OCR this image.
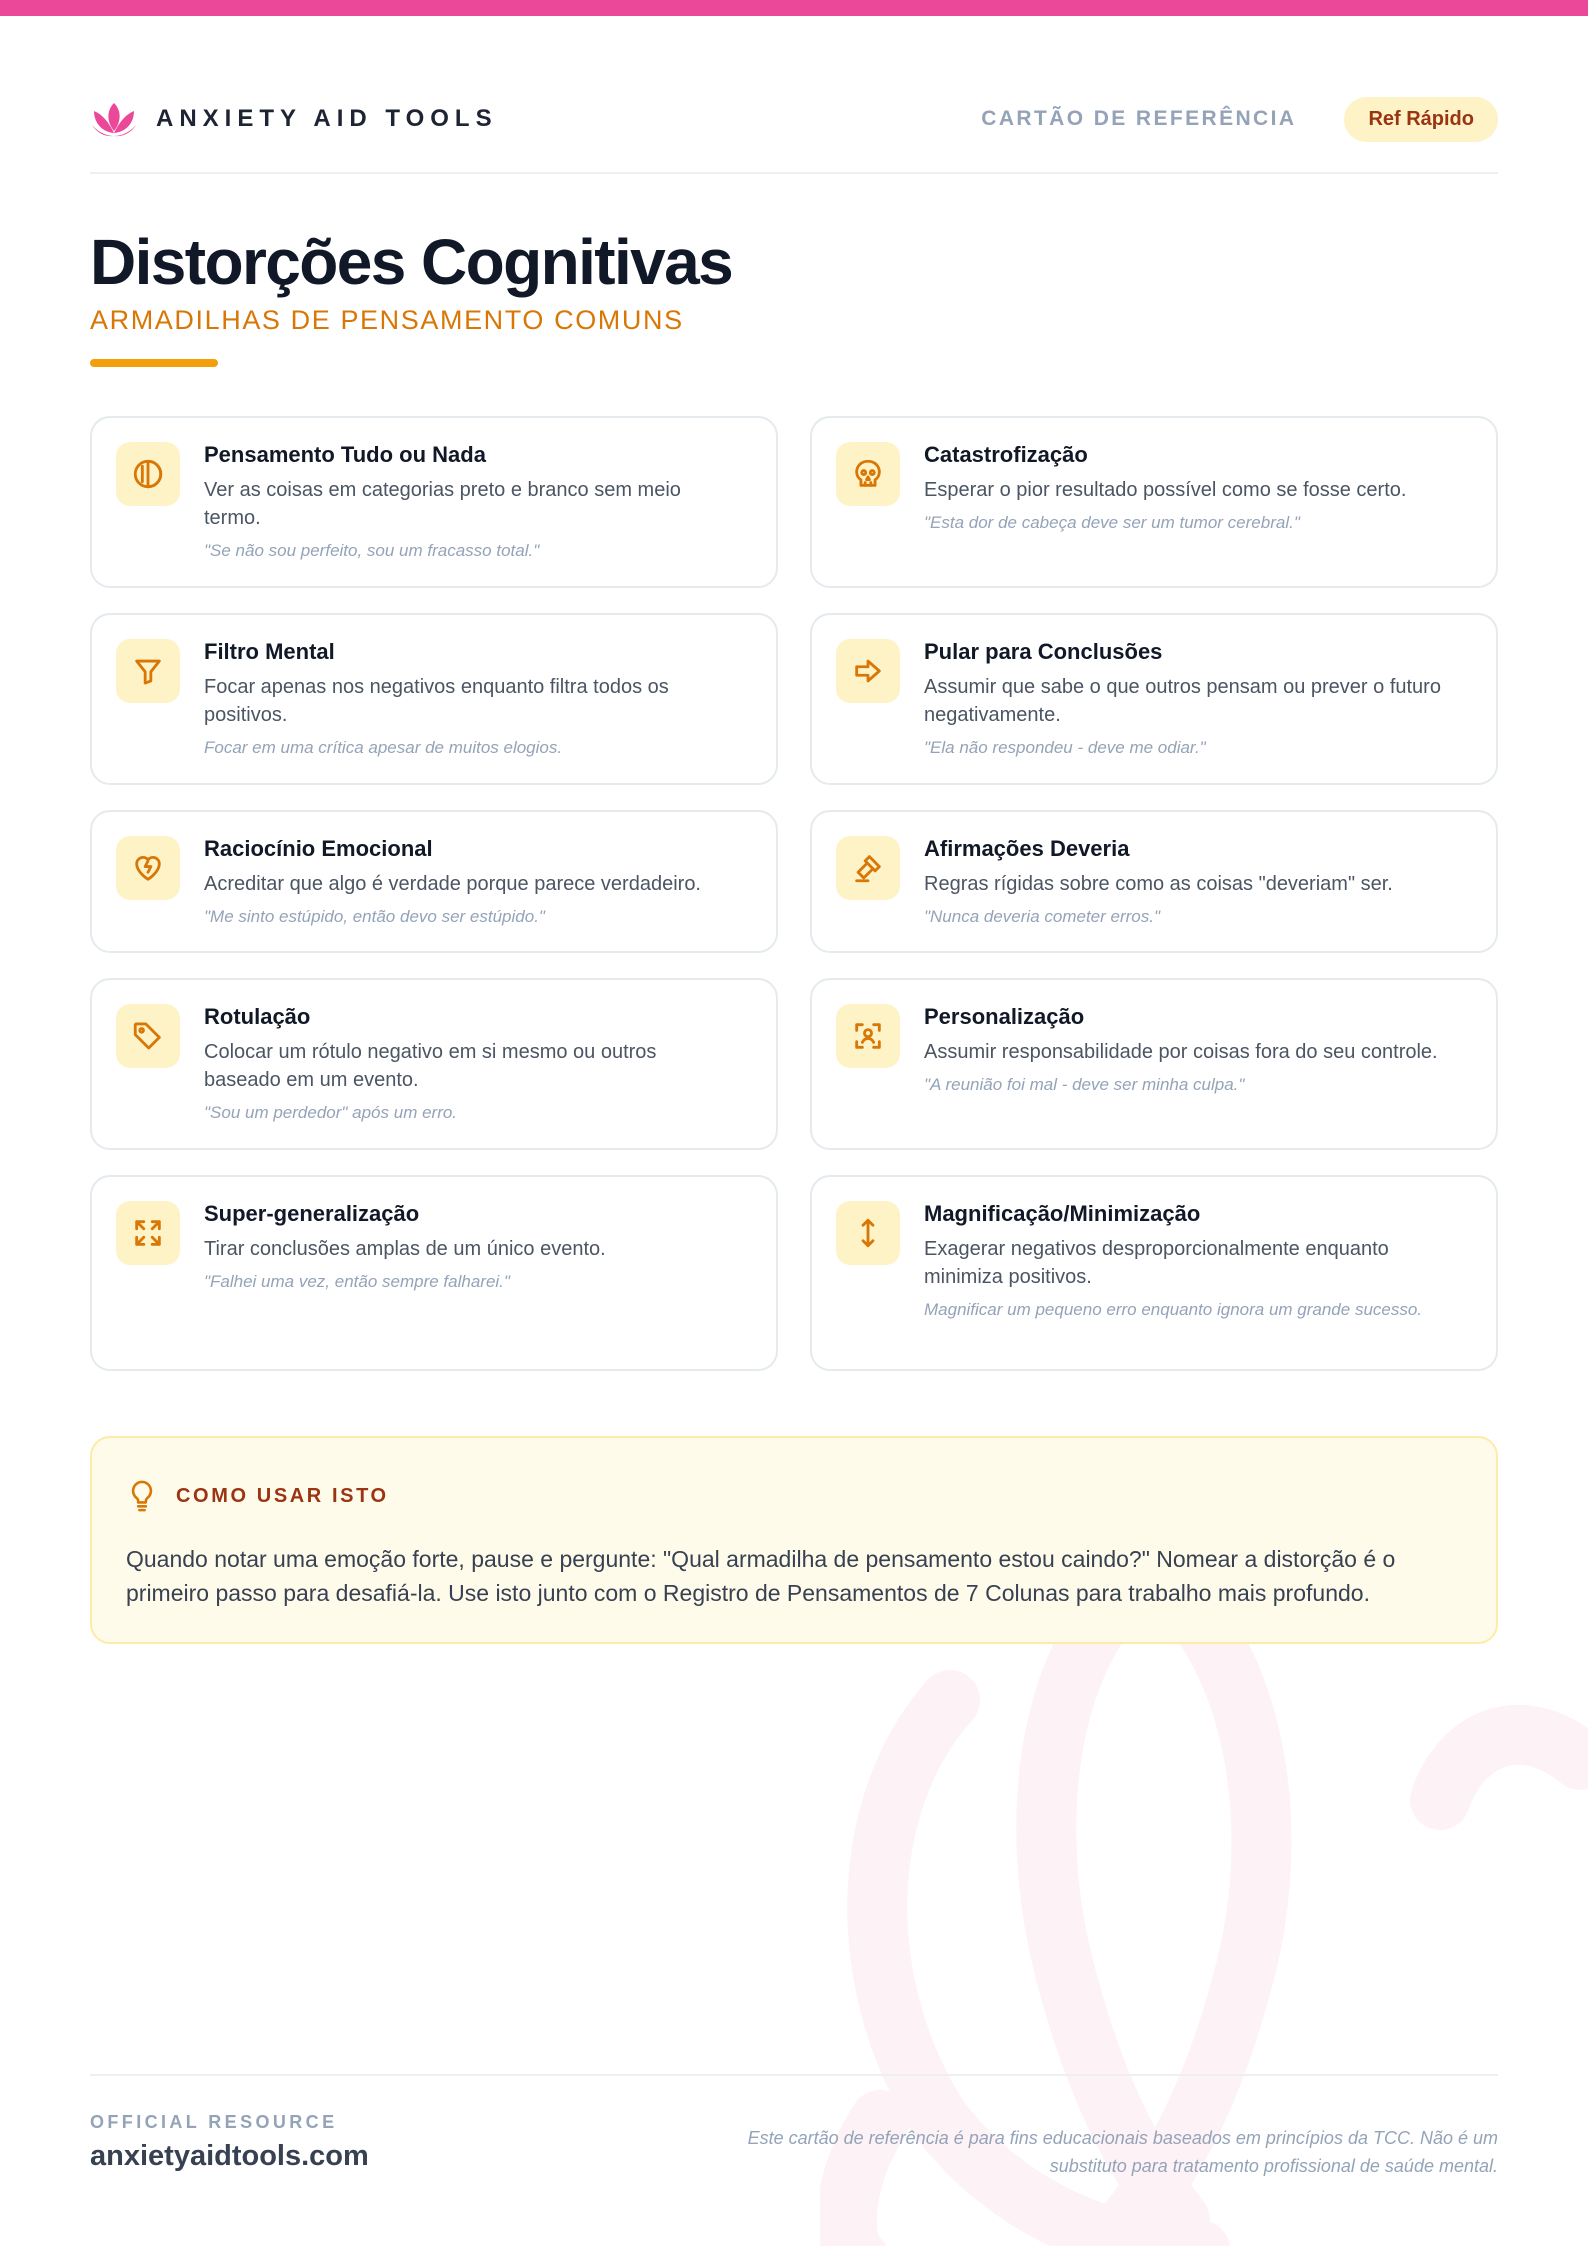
ANXIETY AID TOOLS	CARTÃO DE REFERÊNCIA	Ref Rápido
Distorções Cognitivas
ARMADILHAS DE PENSAMENTO COMUNS
Pensamento Tudo ou Nada
Ver as coisas em categorias preto e branco sem meio termo.
"Se não sou perfeito, sou um fracasso total."
Catastrofização
Esperar o pior resultado possível como se fosse certo.
"Esta dor de cabeça deve ser um tumor cerebral."
Filtro Mental
Focar apenas nos negativos enquanto filtra todos os positivos.
Focar em uma crítica apesar de muitos elogios.
Pular para Conclusões
Assumir que sabe o que outros pensam ou prever o futuro negativamente.
"Ela não respondeu - deve me odiar."
Raciocínio Emocional
Acreditar que algo é verdade porque parece verdadeiro.
"Me sinto estúpido, então devo ser estúpido."
Afirmações Deveria
Regras rígidas sobre como as coisas "deveriam" ser.
"Nunca deveria cometer erros."
Rotulação
Colocar um rótulo negativo em si mesmo ou outros baseado em um evento.
"Sou um perdedor" após um erro.
Personalização
Assumir responsabilidade por coisas fora do seu controle.
"A reunião foi mal - deve ser minha culpa."
Super-generalização
Tirar conclusões amplas de um único evento.
"Falhei uma vez, então sempre falharei."
Magnificação/Minimização
Exagerar negativos desproporcionalmente enquanto minimiza positivos.
Magnificar um pequeno erro enquanto ignora um grande sucesso.
COMO USAR ISTO

Quando notar uma emoção forte, pause e pergunte: "Qual armadilha de pensamento estou caindo?" Nomear a distorção é o primeiro passo para desafiá-la. Use isto junto com o Registro de Pensamentos de 7 Colunas para trabalho mais profundo.

OFFICIAL RESOURCE
anxietyaidtools.com
Este cartão de referência é para fins educacionais baseados em princípios da TCC. Não é um substituto para tratamento profissional de saúde mental.
